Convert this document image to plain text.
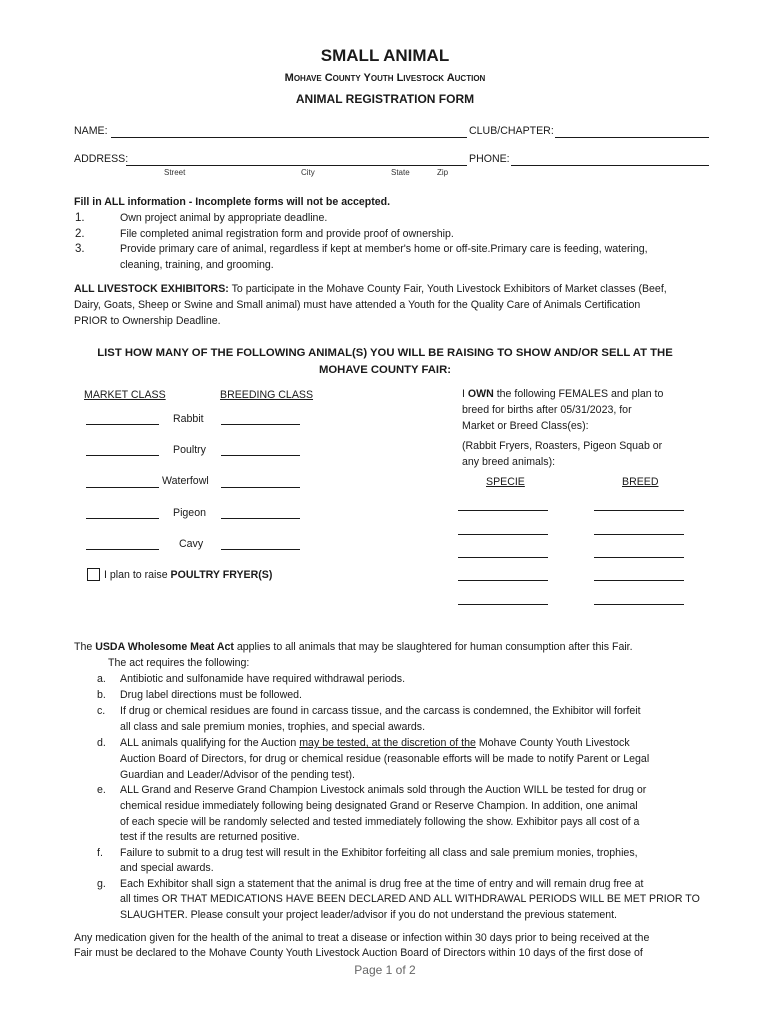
SMALL ANIMAL
Mohave County Youth Livestock Auction
ANIMAL REGISTRATION FORM
NAME:	CLUB/CHAPTER:
ADDRESS:	PHONE:
Street	City	State	Zip
Fill in ALL information - Incomplete forms will not be accepted.
1.	Own project animal by appropriate deadline.
2.	File completed animal registration form and provide proof of ownership.
3.	Provide primary care of animal, regardless if kept at member's home or off-site.Primary care is feeding, watering,
cleaning, training, and grooming.
ALL LIVESTOCK EXHIBITORS: To participate in the Mohave County Fair, Youth Livestock Exhibitors of Market classes (Beef,
Dairy, Goats, Sheep or Swine and Small animal) must have attended a Youth for the Quality Care of Animals Certification
PRIOR to Ownership Deadline.
LIST HOW MANY OF THE FOLLOWING ANIMAL(S) YOU WILL BE RAISING TO SHOW AND/OR SELL AT THE
MOHAVE COUNTY FAIR:
MARKET CLASS	BREEDING CLASS
Rabbit
Poultry
Waterfowl
Pigeon
Cavy
I plan to raise POULTRY FRYER(S)
I OWN the following FEMALES and plan to
breed for births after 05/31/2023, for
Market or Breed Class(es):
(Rabbit Fryers, Roasters, Pigeon Squab or
any breed animals):
SPECIE	BREED
The USDA Wholesome Meat Act applies to all animals that may be slaughtered for human consumption after this Fair.
The act requires the following:
a. Antibiotic and sulfonamide have required withdrawal periods.
b. Drug label directions must be followed.
c. If drug or chemical residues are found in carcass tissue, and the carcass is condemned, the Exhibitor will forfeit
all class and sale premium monies, trophies, and special awards.
d. ALL animals qualifying for the Auction may be tested, at the discretion of the Mohave County Youth Livestock
Auction Board of Directors, for drug or chemical residue (reasonable efforts will be made to notify Parent or Legal
Guardian and Leader/Advisor of the pending test).
e. ALL Grand and Reserve Grand Champion Livestock animals sold through the Auction WILL be tested for drug or
chemical residue immediately following being designated Grand or Reserve Champion. In addition, one animal
of each specie will be randomly selected and tested immediately following the show. Exhibitor pays all cost of a
test if the results are returned positive.
f. Failure to submit to a drug test will result in the Exhibitor forfeiting all class and sale premium monies, trophies,
and special awards.
g. Each Exhibitor shall sign a statement that the animal is drug free at the time of entry and will remain drug free at
all times OR THAT MEDICATIONS HAVE BEEN DECLARED AND ALL WITHDRAWAL PERIODS WILL BE MET PRIOR TO
SLAUGHTER. Please consult your project leader/advisor if you do not understand the previous statement.
Any medication given for the health of the animal to treat a disease or infection within 30 days prior to being received at the
Fair must be declared to the Mohave County Youth Livestock Auction Board of Directors within 10 days of the first dose of
Page 1 of 2
